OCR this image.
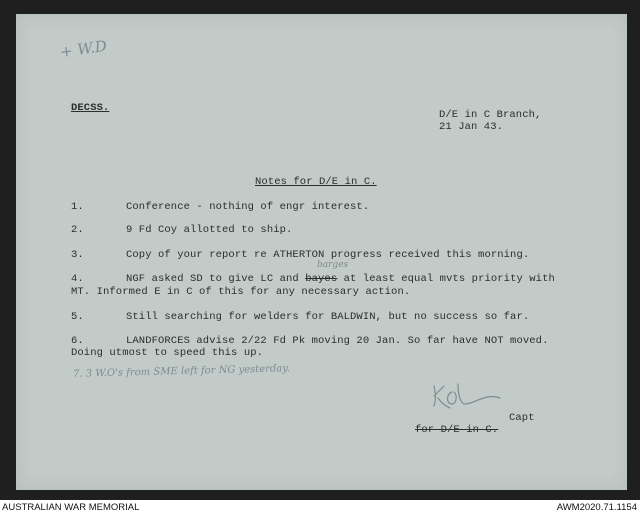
+ W.D

DECSS.

D/E in C Branch,

21 Jan 43.

Notes for D/E in C.

1.	Conference - nothing of engr interest.

2.	9 Fd Coy allotted to ship.

3.	Copy of your report re ATHERTON progress received this morning.

barges

4.	NGF asked SD to give LC and bayes at least equal mvts priority with

MT. Informed E in C of this for any necessary action.

5.	Still searching for welders for BALDWIN, but no success so far.

6.	LANDFORCES advise 2/22 Fd Pk moving 20 Jan. So far have NOT moved.

Doing utmost to speed this up.

7. 3 W.O's from SME left for NG yesterday.

Capt

for D/E in C.

AUSTRALIAN WAR MEMORIAL	AWM2020.71.1154
